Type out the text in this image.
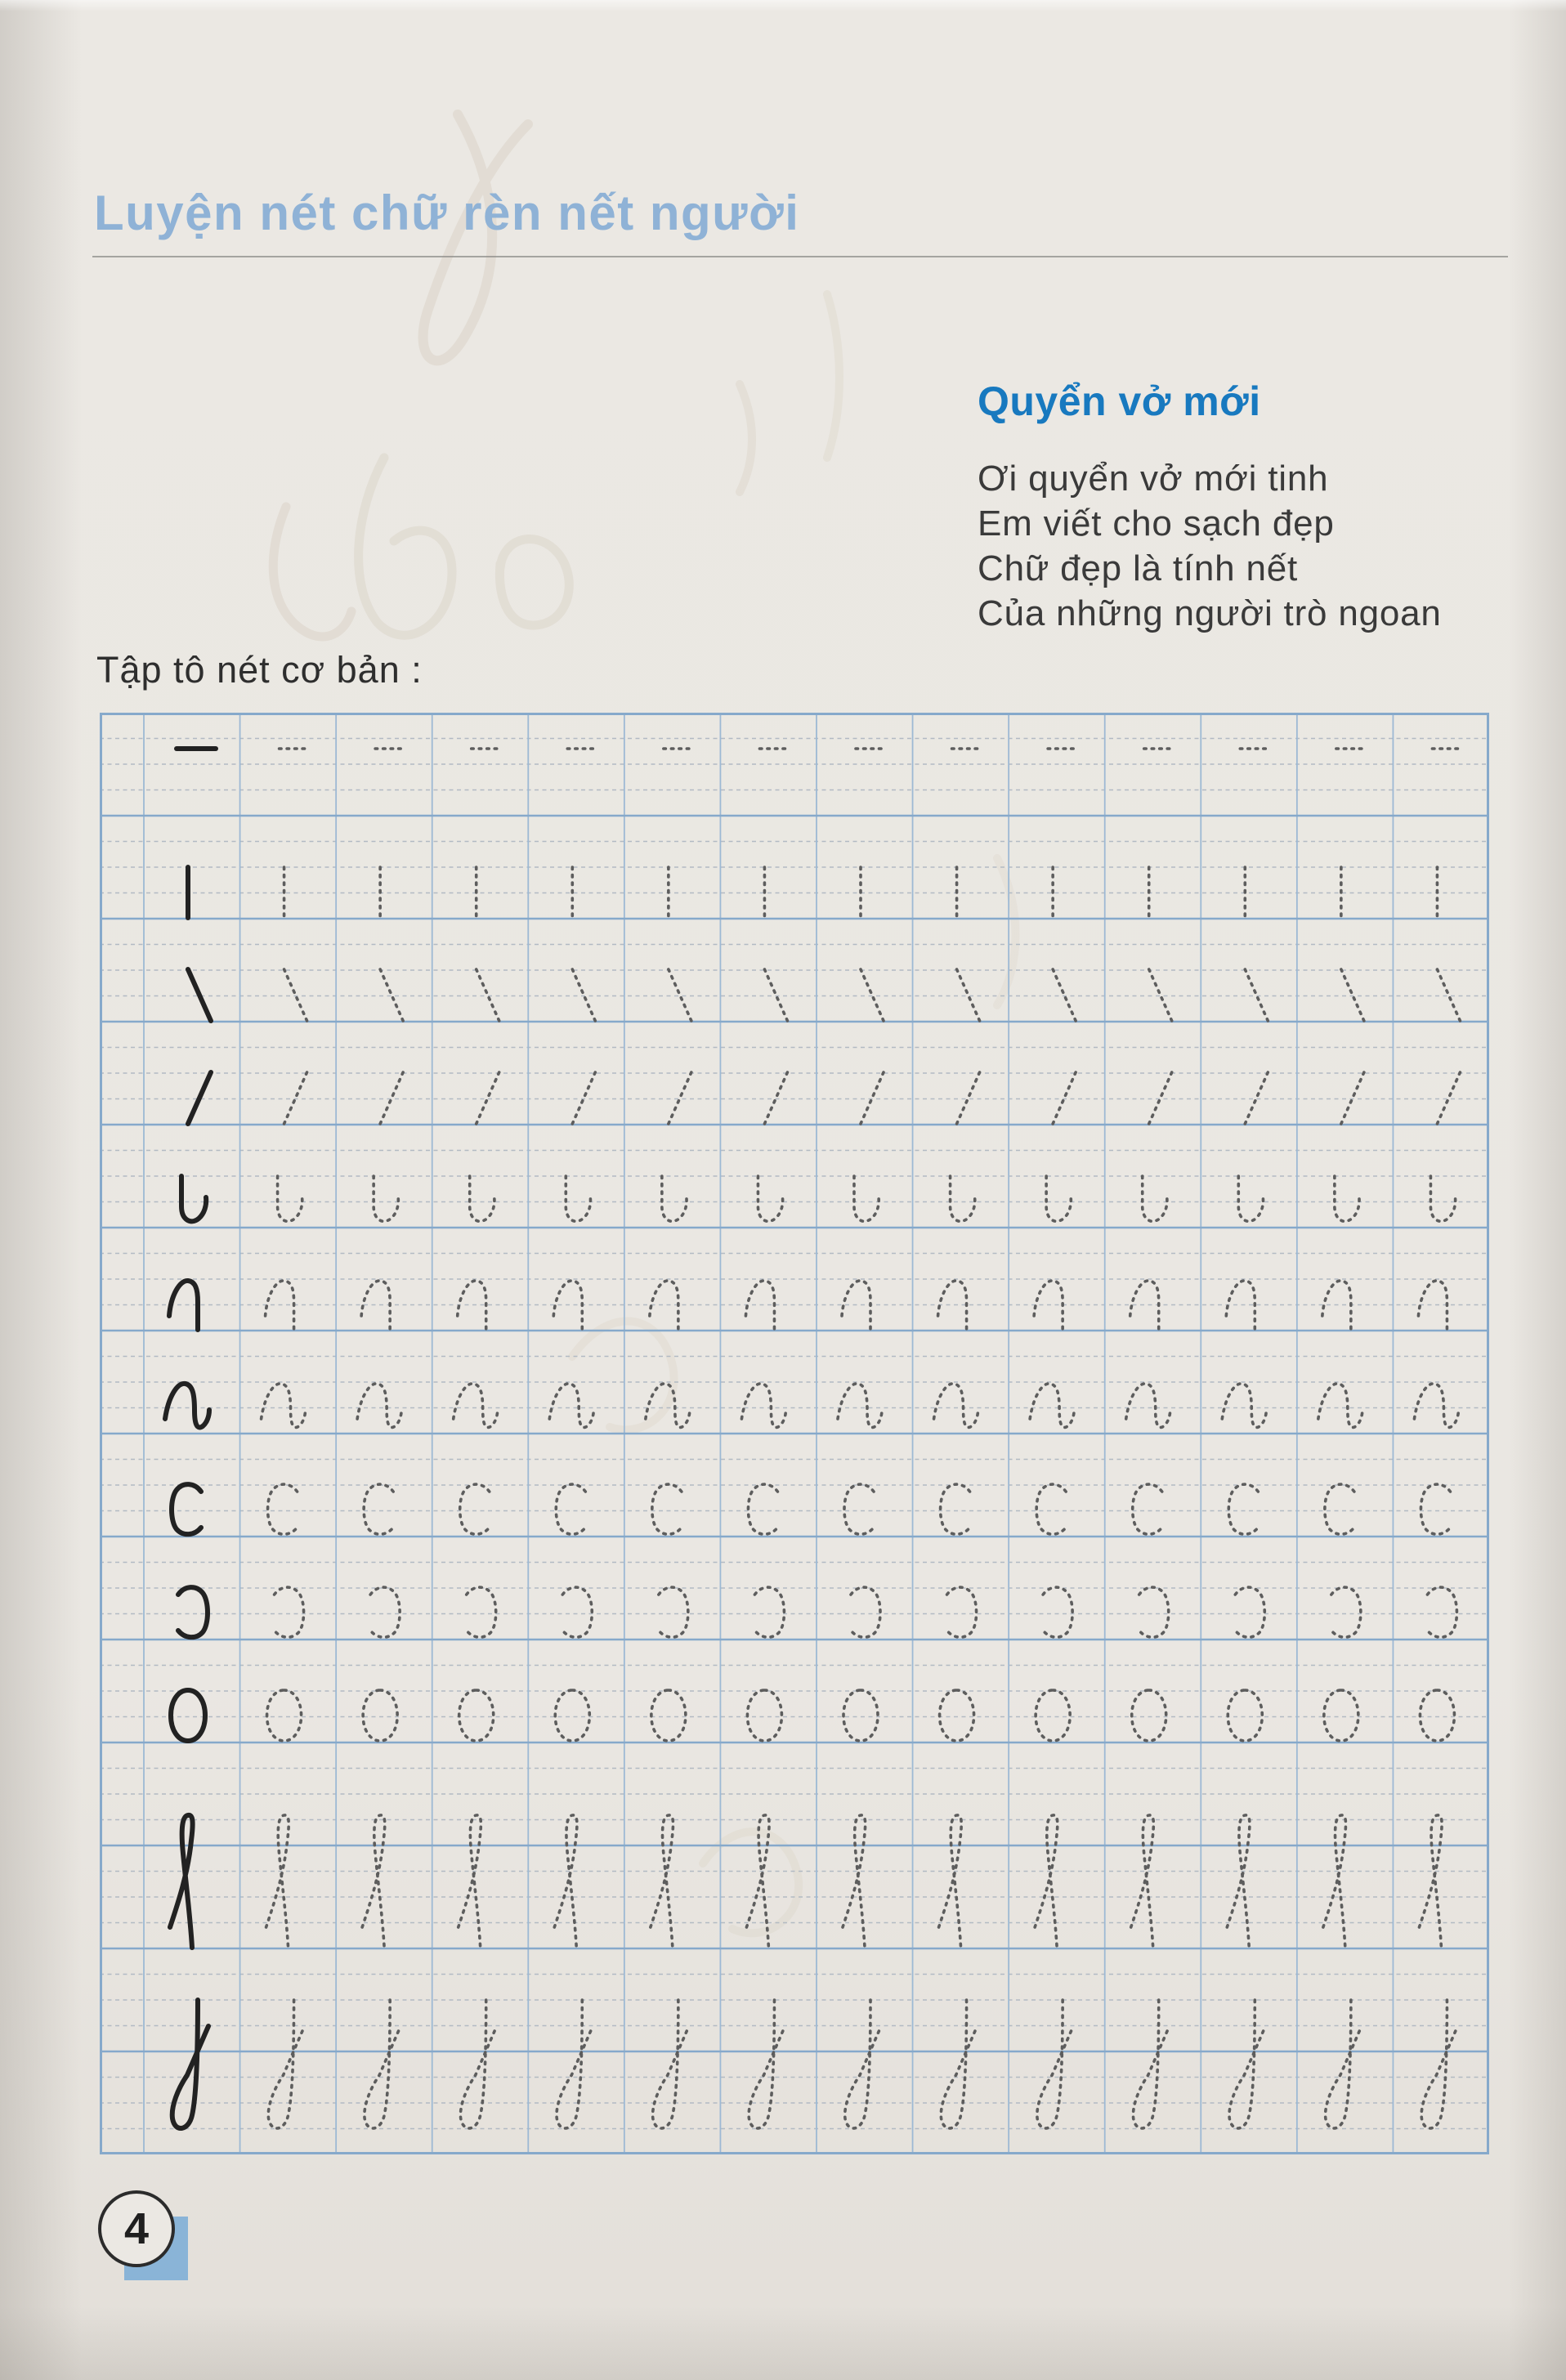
Luyện nét chữ rèn nết người
Quyển vở mới
Ơi quyển vở mới tinh
Em viết cho sạch đẹp
Chữ đẹp là tính nết
Của những người trò ngoan
Tập tô nét cơ bản :
4
